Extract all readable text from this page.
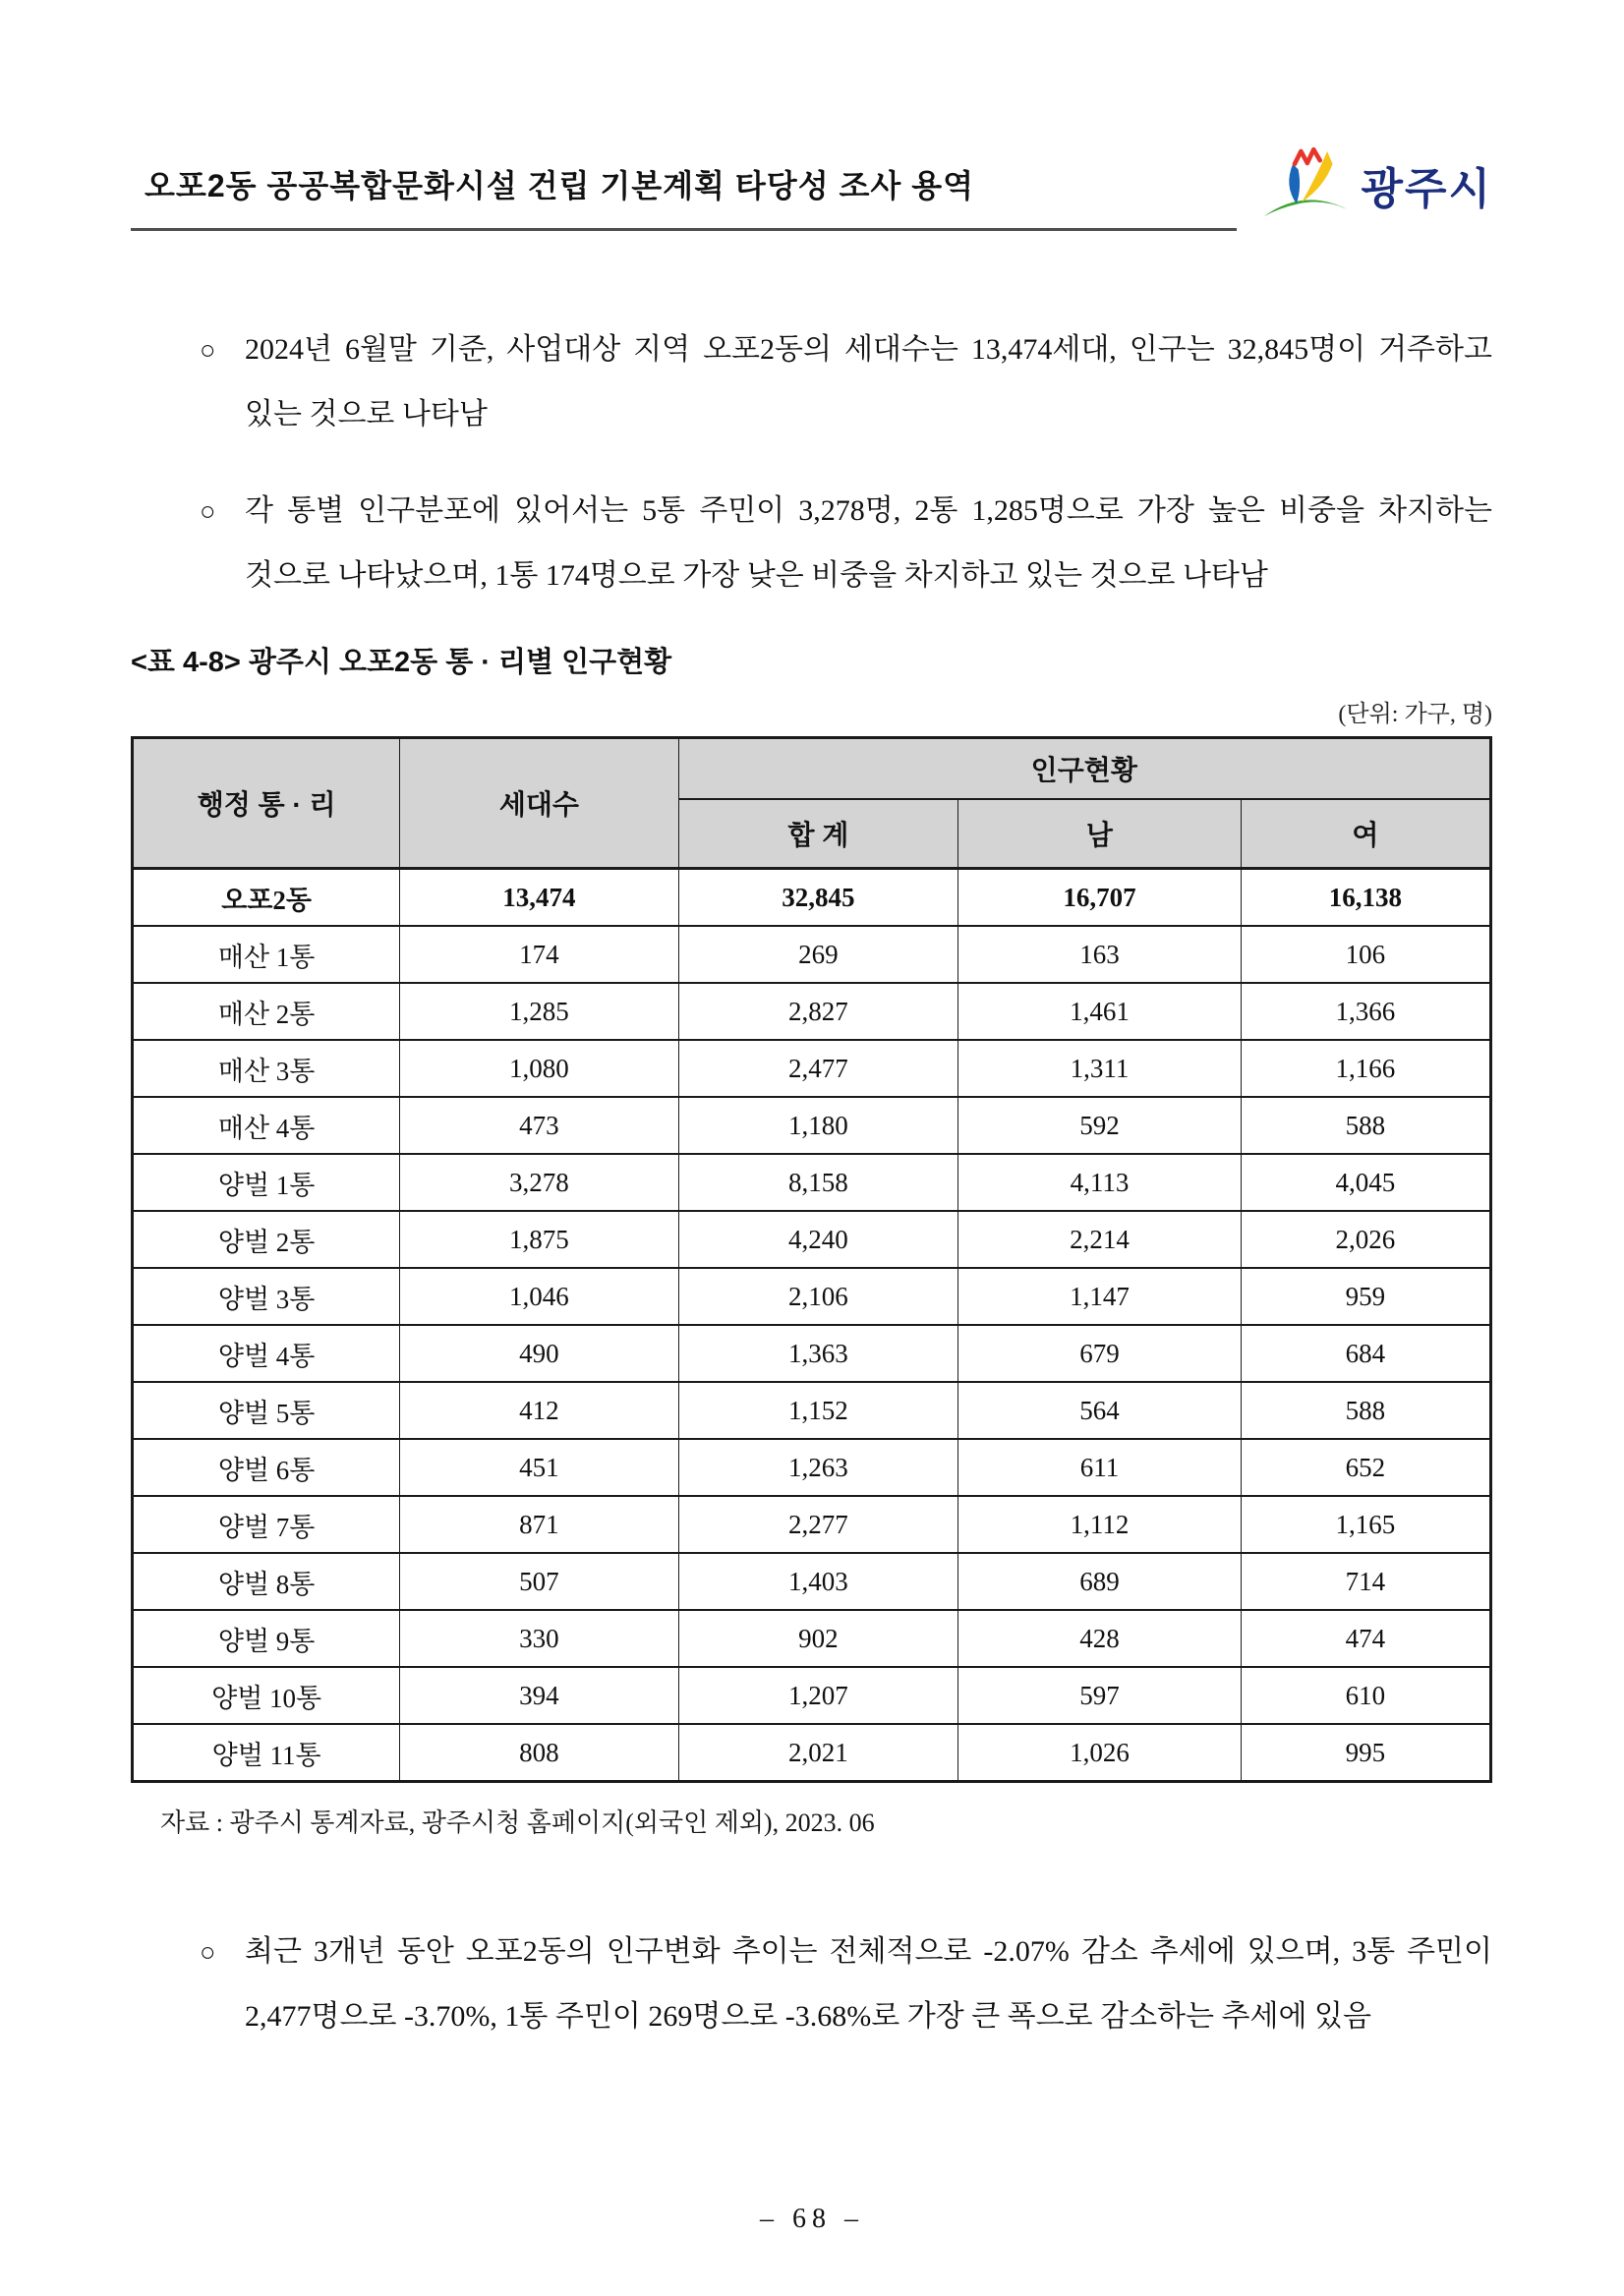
오포2동 공공복합문화시설 건립 기본계획 타당성 조사 용역	광주시
○ 2024년 6월말 기준, 사업대상 지역 오포2동의 세대수는 13,474세대, 인구는 32,845명이 거주하고 있는 것으로 나타남
○ 각 통별 인구분포에 있어서는 5통 주민이 3,278명, 2통 1,285명으로 가장 높은 비중을 차지하는 것으로 나타났으며, 1통 174명으로 가장 낮은 비중을 차지하고 있는 것으로 나타남
<표 4-8> 광주시 오포2동 통 · 리별 인구현황
(단위: 가구, 명)
행정 통 · 리	세대수	인구현황		
		합 계	남	여
오포2동	13,474	32,845	16,707	16,138
매산 1통	174	269	163	106
매산 2통	1,285	2,827	1,461	1,366
매산 3통	1,080	2,477	1,311	1,166
매산 4통	473	1,180	592	588
양벌 1통	3,278	8,158	4,113	4,045
양벌 2통	1,875	4,240	2,214	2,026
양벌 3통	1,046	2,106	1,147	959
양벌 4통	490	1,363	679	684
양벌 5통	412	1,152	564	588
양벌 6통	451	1,263	611	652
양벌 7통	871	2,277	1,112	1,165
양벌 8통	507	1,403	689	714
양벌 9통	330	902	428	474
양벌 10통	394	1,207	597	610
양벌 11통	808	2,021	1,026	995
자료 : 광주시 통계자료, 광주시청 홈페이지(외국인 제외), 2023. 06
○ 최근 3개년 동안 오포2동의 인구변화 추이는 전체적으로 -2.07% 감소 추세에 있으며, 3통 주민이 2,477명으로 -3.70%, 1통 주민이 269명으로 -3.68%로 가장 큰 폭으로 감소하는 추세에 있음
– 68 –
